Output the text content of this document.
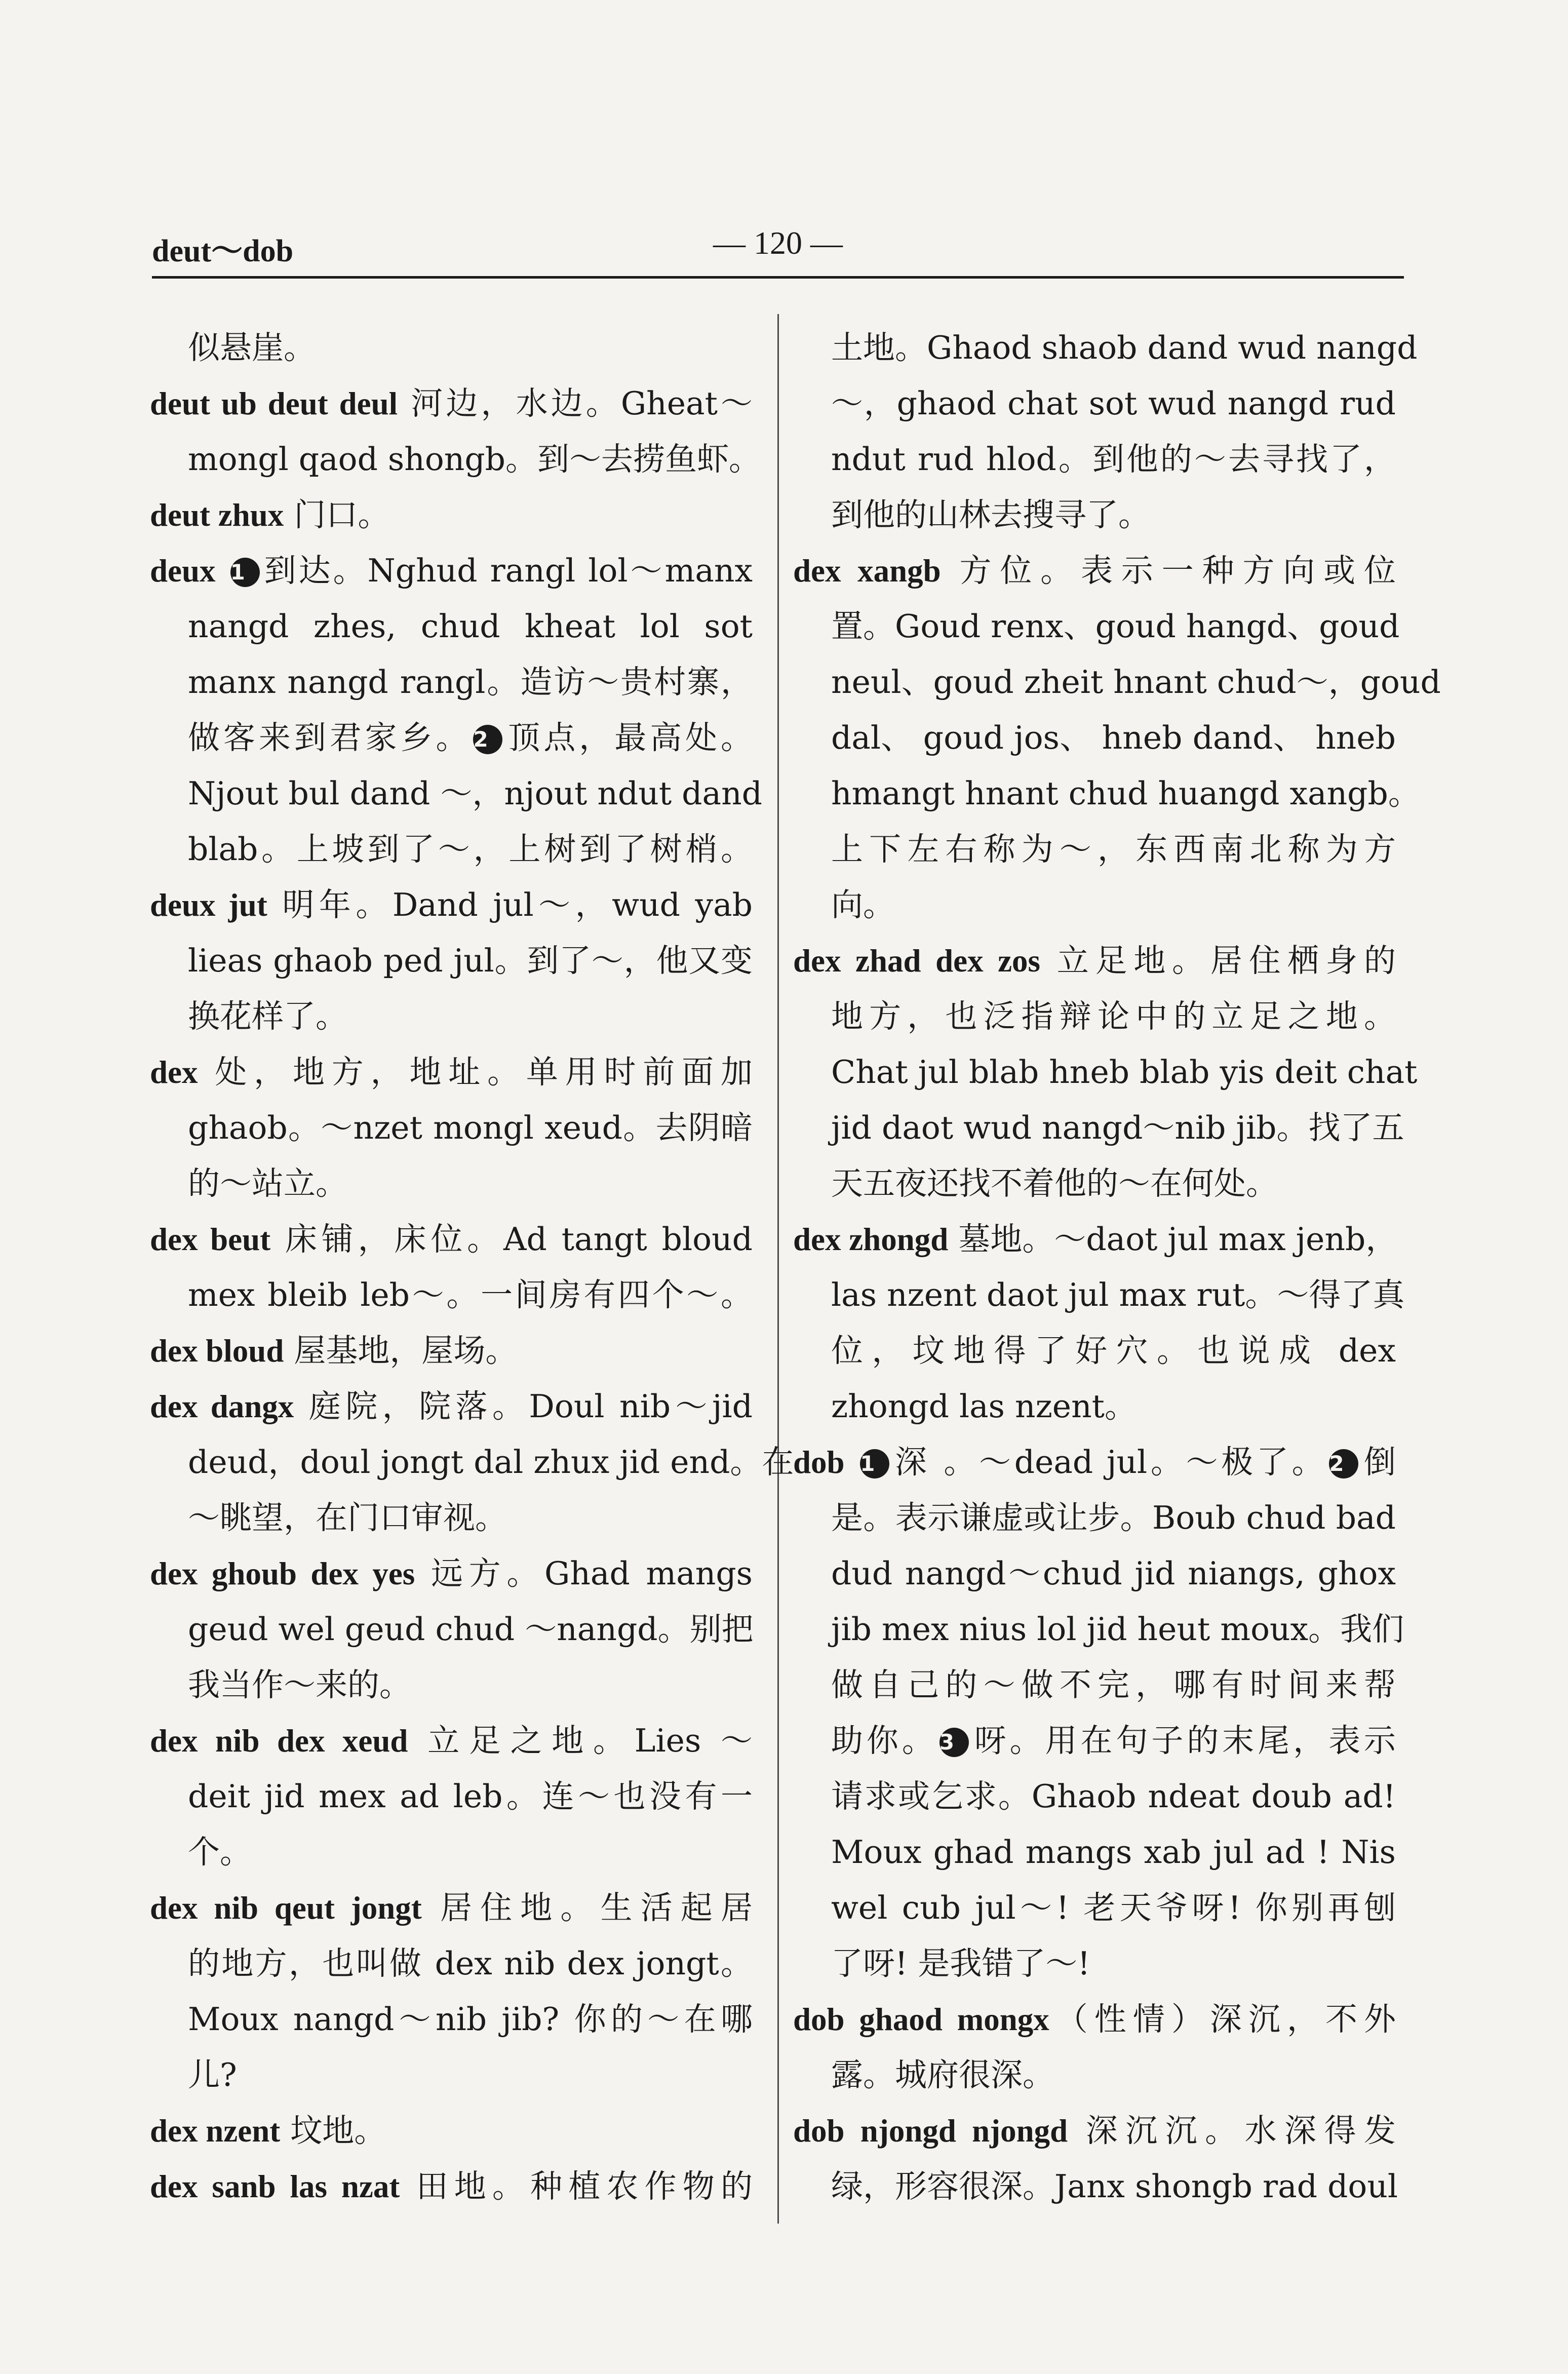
deut～dob	— 120 —
似悬崖。
deut ub deut deul 河边，水边。Gheat～
mongl qaod shongb。到～去捞鱼虾。
deut zhux 门口。
deux 1 到达。Nghud rangl lol～manx
nangd zhes, chud kheat lol sot
manx nangd rangl。造访～贵村寨，
做客来到君家乡。2 顶点，最高处。
Njout bul dand ～，njout ndut dand
blab。上坡到了～，上树到了树梢。
deux jut 明年。Dand jul～，wud yab
lieas ghaob ped jul。到了～，他又变
换花样了。
dex 处，地方，地址。单用时前面加
ghaob。～nzet mongl xeud。去阴暗
的～站立。
dex beut 床铺，床位。Ad tangt bloud
mex bleib leb～。一间房有四个～。
dex bloud 屋基地，屋场。
dex dangx 庭院，院落。Doul nib～jid
deud，doul jongt dal zhux jid end。在
～眺望，在门口审视。
dex ghoub dex yes 远方。Ghad mangs
geud wel geud chud ～nangd。别把
我当作～来的。
dex nib dex xeud 立足之地。Lies ～
deit jid mex ad leb。连～也没有一
个。
dex nib qeut jongt 居住地。生活起居
的地方，也叫做 dex nib dex jongt。
Moux nangd～nib jib? 你的～在哪
儿?
dex nzent 坟地。
dex sanb las nzat 田地。种植农作物的
土地。Ghaod shaob dand wud nangd
～，ghaod chat sot wud nangd rud
ndut rud hlod。到他的～去寻找了，
到他的山林去搜寻了。
dex xangb 方位。表示一种方向或位
置。Goud renx、goud hangd、goud
neul、goud zheit hnant chud～，goud
dal、 goud jos、 hneb dand、 hneb
hmangt hnant chud huangd xangb。
上下左右称为～，东西南北称为方
向。
dex zhad dex zos 立足地。居住栖身的
地方，也泛指辩论中的立足之地。
Chat jul blab hneb blab yis deit chat
jid daot wud nangd～nib jib。找了五
天五夜还找不着他的～在何处。
dex zhongd 墓地。～daot jul max jenb，
las nzent daot jul max rut。～得了真
位，坟地得了好穴。也说成 dex
zhongd las nzent。
dob 1 深 。～dead jul。～极了。2 倒
是。表示谦虚或让步。Boub chud bad
dud nangd～chud jid niangs, ghox
jib mex nius lol jid heut moux。我们
做自己的～做不完，哪有时间来帮
助你。3 呀。用在句子的末尾，表示
请求或乞求。Ghaob ndeat doub ad!
Moux ghad mangs xab jul ad ! Nis
wel cub jul～! 老天爷呀! 你别再刨
了呀! 是我错了～!
dob ghaod mongx（性情）深沉，不外
露。城府很深。
dob njongd njongd 深沉沉。水深得发
绿，形容很深。Janx shongb rad doul
